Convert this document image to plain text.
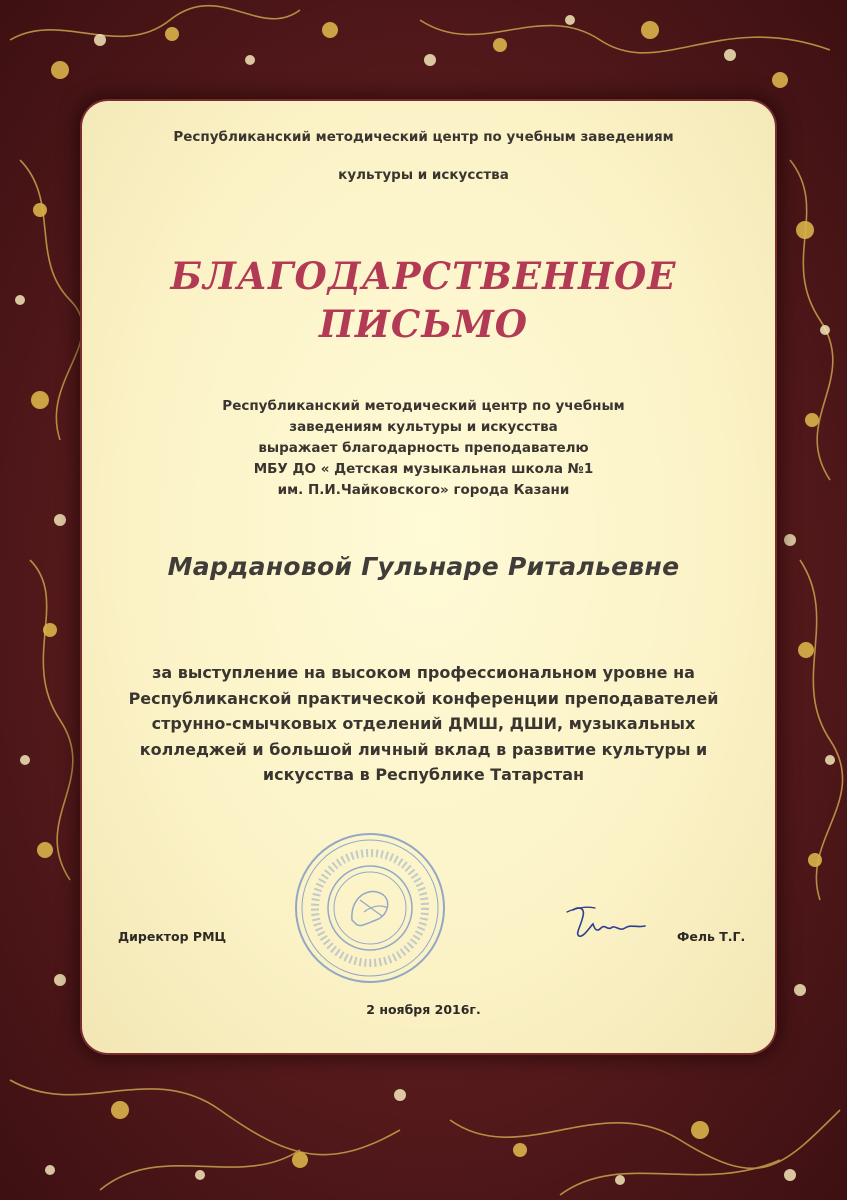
Республиканский методический центр по учебным заведениям
культуры и искусства
БЛАГОДАРСТВЕННОЕ
ПИСЬМО
Республиканский методический центр по учебным
заведениям культуры и искусства
выражает благодарность преподавателю
МБУ ДО « Детская музыкальная школа №1
им. П.И.Чайковского» города Казани
Мардановой Гульнаре Ритальевне
за выступление на высоком профессиональном уровне на
Республиканской практической конференции преподавателей
струнно-смычковых отделений ДМШ, ДШИ, музыкальных
колледжей и большой личный вклад в развитие культуры и
искусства в Республике Татарстан
Директор РМЦ	Фель Т.Г.
2 ноября 2016г.
